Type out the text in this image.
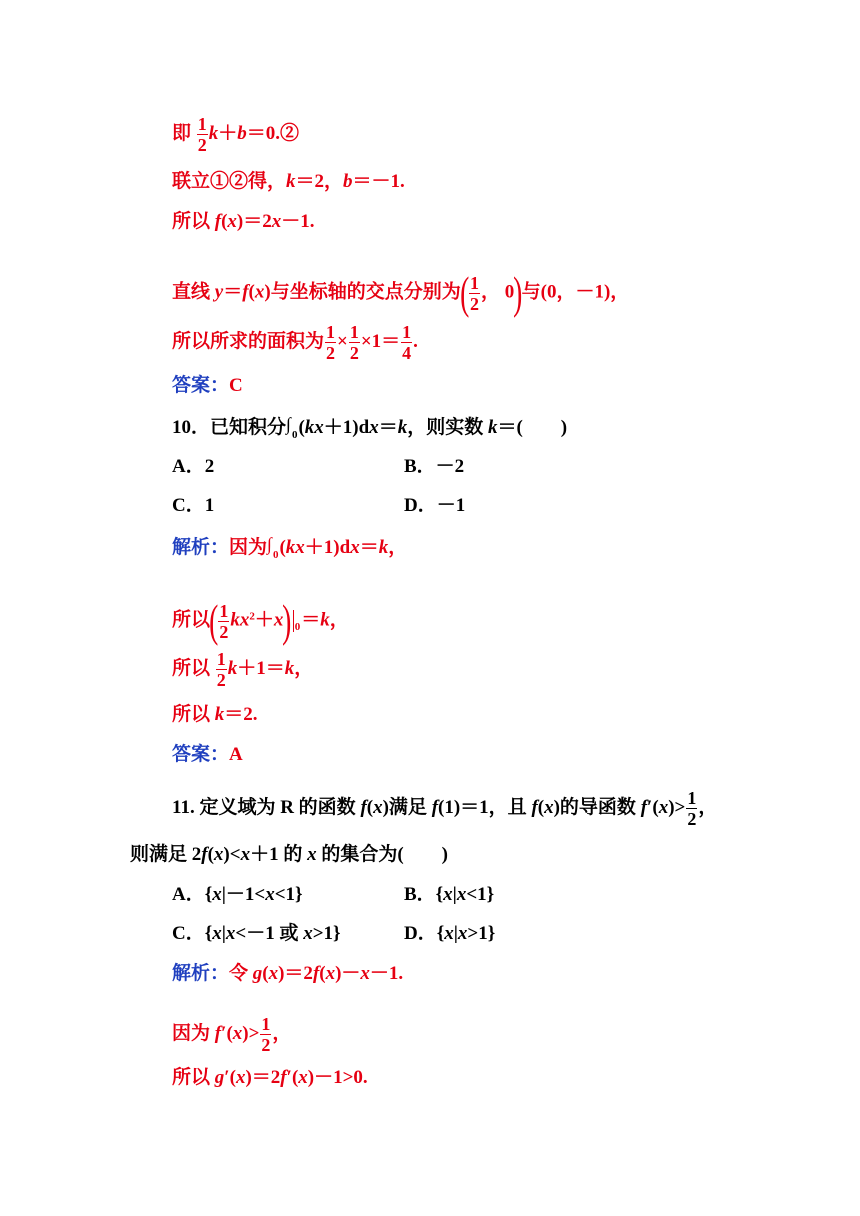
即 $\frac{1}{2}$ k＋b＝0.②
联立①②得，k＝2，b＝－1.
所以 f(x)＝2x－1.
直线 y＝f(x)与坐标轴的交点分别为( $\frac{1}{2}$ ， 0)与(0，－1)，
所以所求的面积为 $\frac{1}{2} \times \frac{1}{2} \times 1= \frac{1}{4}$ .
答案：C
10．已知积分$\int_0(kx+1)dx=k$，则实数 k＝(　　)
A．2	B．－2
C．1	D．－1
解析：因为$\int_0(kx+1)dx=k$，
所以( $\frac{1}{2} kx^2+x$) $_0$＝k，
所以 $\frac{1}{2} k+1=k$，
所以 k＝2.
答案：A
11. 定义域为 R 的函数 f(x)满足 f(1)＝1，且 f(x)的导函数 $f'(x)> \frac{1}{2}$ ，
则满足 2f(x)<x＋1 的 x 的集合为(　　)
A．{x|－1<x<1}	B．{x|x<1}
C．{x|x<－1 或 x>1}	D．{x|x>1}
解析：令 g(x)＝2f(x)－x－1.
因为 $f'(x)> \frac{1}{2}$ ，
所以 g′(x)＝2f′(x)－1>0.
